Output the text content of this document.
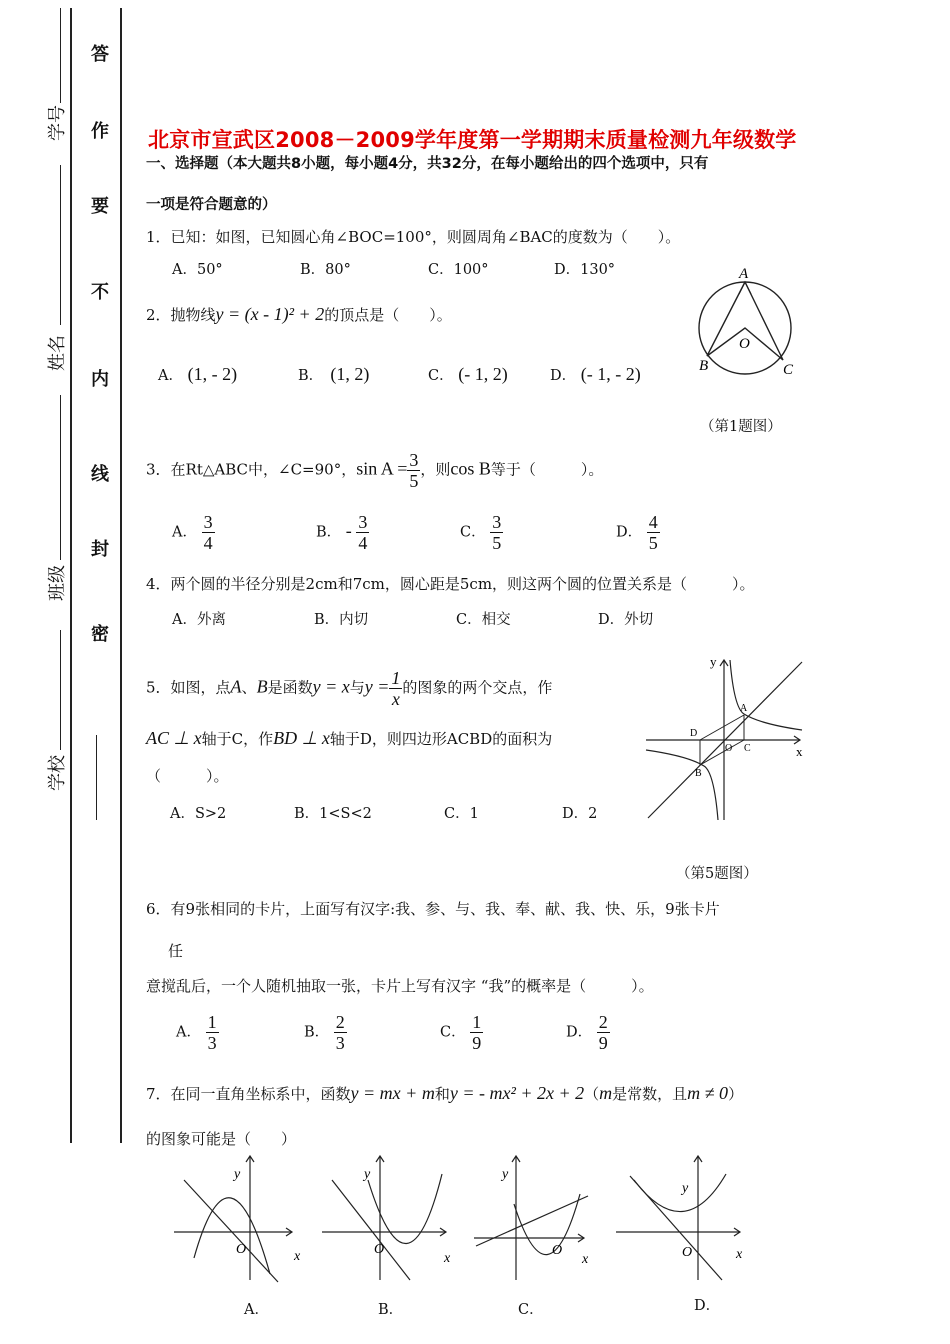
学号
姓名
班级
学校
答
作
要
不
内
线
封
密
北京市宣武区2008－2009学年度第一学期期末质量检测九年级数学
一、选择题（本大题共8小题，每小题4分，共32分，在每小题给出的四个选项中，只有
一项是符合题意的）
1．已知：如图，已知圆心角∠BOC=100°，则圆周角∠BAC的度数为（　　）。
A．50°	B．80°	C．100°	D．130°	A
B	C
O
（第1题图）
2．抛物线y = (x - 1)² + 2的顶点是（　　）。
A． (1, - 2)	B．　 (1, 2)	C． (- 1, 2)	D． (- 1, - 2)
3．在Rt△ABC中，∠C=90°，$\sin A = \frac{3}{5}$ ，则cos B等于（　　　）。
A． $\frac{3}{4}$	B． - $\frac{3}{4}$	C． $\frac{3}{5}$	D． $\frac{4}{5}$
4．两个圆的半径分别是2cm和7cm，圆心距是5cm，则这两个圆的位置关系是（　　　）。
A．外离	B．内切	C．相交	D．外切
5．如图，点A、B是函数y = x与$y = \frac{1}{x}$ 的图象的两个交点，作
AC ⊥ x轴于C，作BD ⊥ x轴于D，则四边形ACBD的面积为
（　　　）。
A．S>2	B．1<S<2	C．1	D．2
y
x
A
B
C
D
O
（第5题图）
6．有9张相同的卡片，上面写有汉字:我、参、与、我、奉、献、我、快、乐，9张卡片
任
意搅乱后，一个人随机抽取一张，卡片上写有汉字 “我”的概率是（　　　）。
A． $\frac{1}{3}$	B． $\frac{2}{3}$	C． $\frac{1}{9}$	D． $\frac{2}{9}$
7．在同一直角坐标系中，函数y = mx + m和y = - mx² + 2x + 2（m是常数，且m ≠ 0）
的图象可能是（　　）
y
x
O
y
x
O
y
x
O
y
x
O
A．	B．	C．	D．
